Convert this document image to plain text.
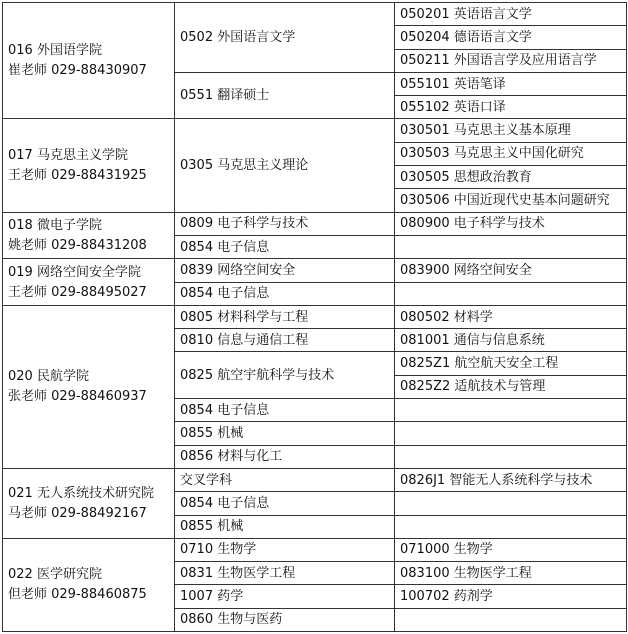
016 外国语学院
崔老师 029-88430907	0502 外国语言文学	050201 英语语言文学
		050204 德语语言文学
		050211 外国语言学及应用语言学
	0551 翻译硕士	055101 英语笔译
		055102 英语口译

017 马克思主义学院
王老师 029-88431925	0305 马克思主义理论	030501 马克思主义基本原理
		030503 马克思主义中国化研究
		030505 思想政治教育
		030506 中国近现代史基本问题研究

018 微电子学院
姚老师 029-88431208	0809 电子科学与技术	080900 电子科学与技术
	0854 电子信息	

019 网络空间安全学院
王老师 029-88495027	0839 网络空间安全	083900 网络空间安全
	0854 电子信息	

020 民航学院
张老师 029-88460937	0805 材料科学与工程	080502 材料学
	0810 信息与通信工程	081001 通信与信息系统
	0825 航空宇航科学与技术	0825Z1 航空航天安全工程
		0825Z2 适航技术与管理
	0854 电子信息	
	0855 机械	
	0856 材料与化工	

021 无人系统技术研究院
马老师 029-88492167	交叉学科	0826J1 智能无人系统科学与技术
	0854 电子信息	
	0855 机械	

022 医学研究院
但老师 029-88460875	0710 生物学	071000 生物学
	0831 生物医学工程	083100 生物医学工程
	1007 药学	100702 药剂学
	0860 生物与医药	
